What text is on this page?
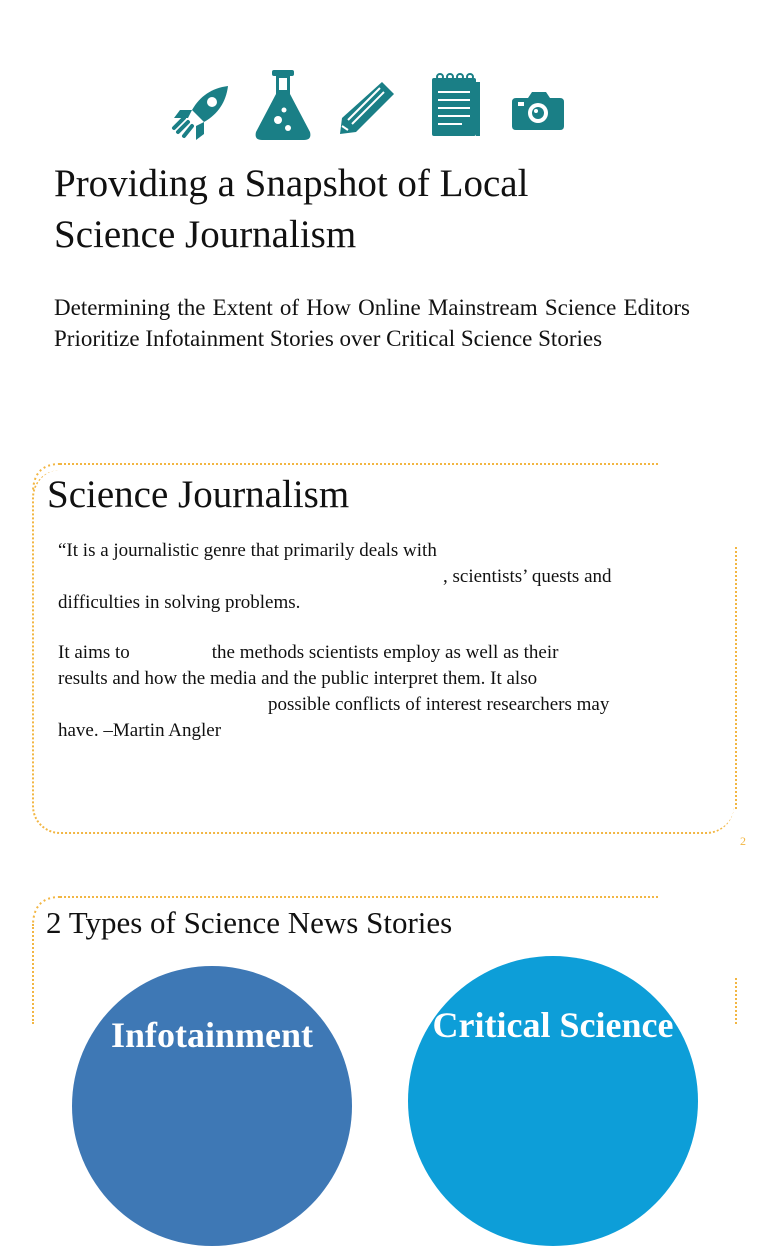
Providing a Snapshot of Local
Science Journalism

Determining the Extent of How Online Mainstream Science Editors Prioritize Infotainment Stories over Critical Science Stories

Science Journalism

“It is a journalistic genre that primarily deals with
, scientists’ quests and
difficulties in solving problems.

It aims to	the methods scientists employ as well as their
results and how the media and the public interpret them. It also
possible conflicts of interest researchers may
have. –Martin Angler

2
2 Types of Science News Stories
Infotainment	Critical Science
